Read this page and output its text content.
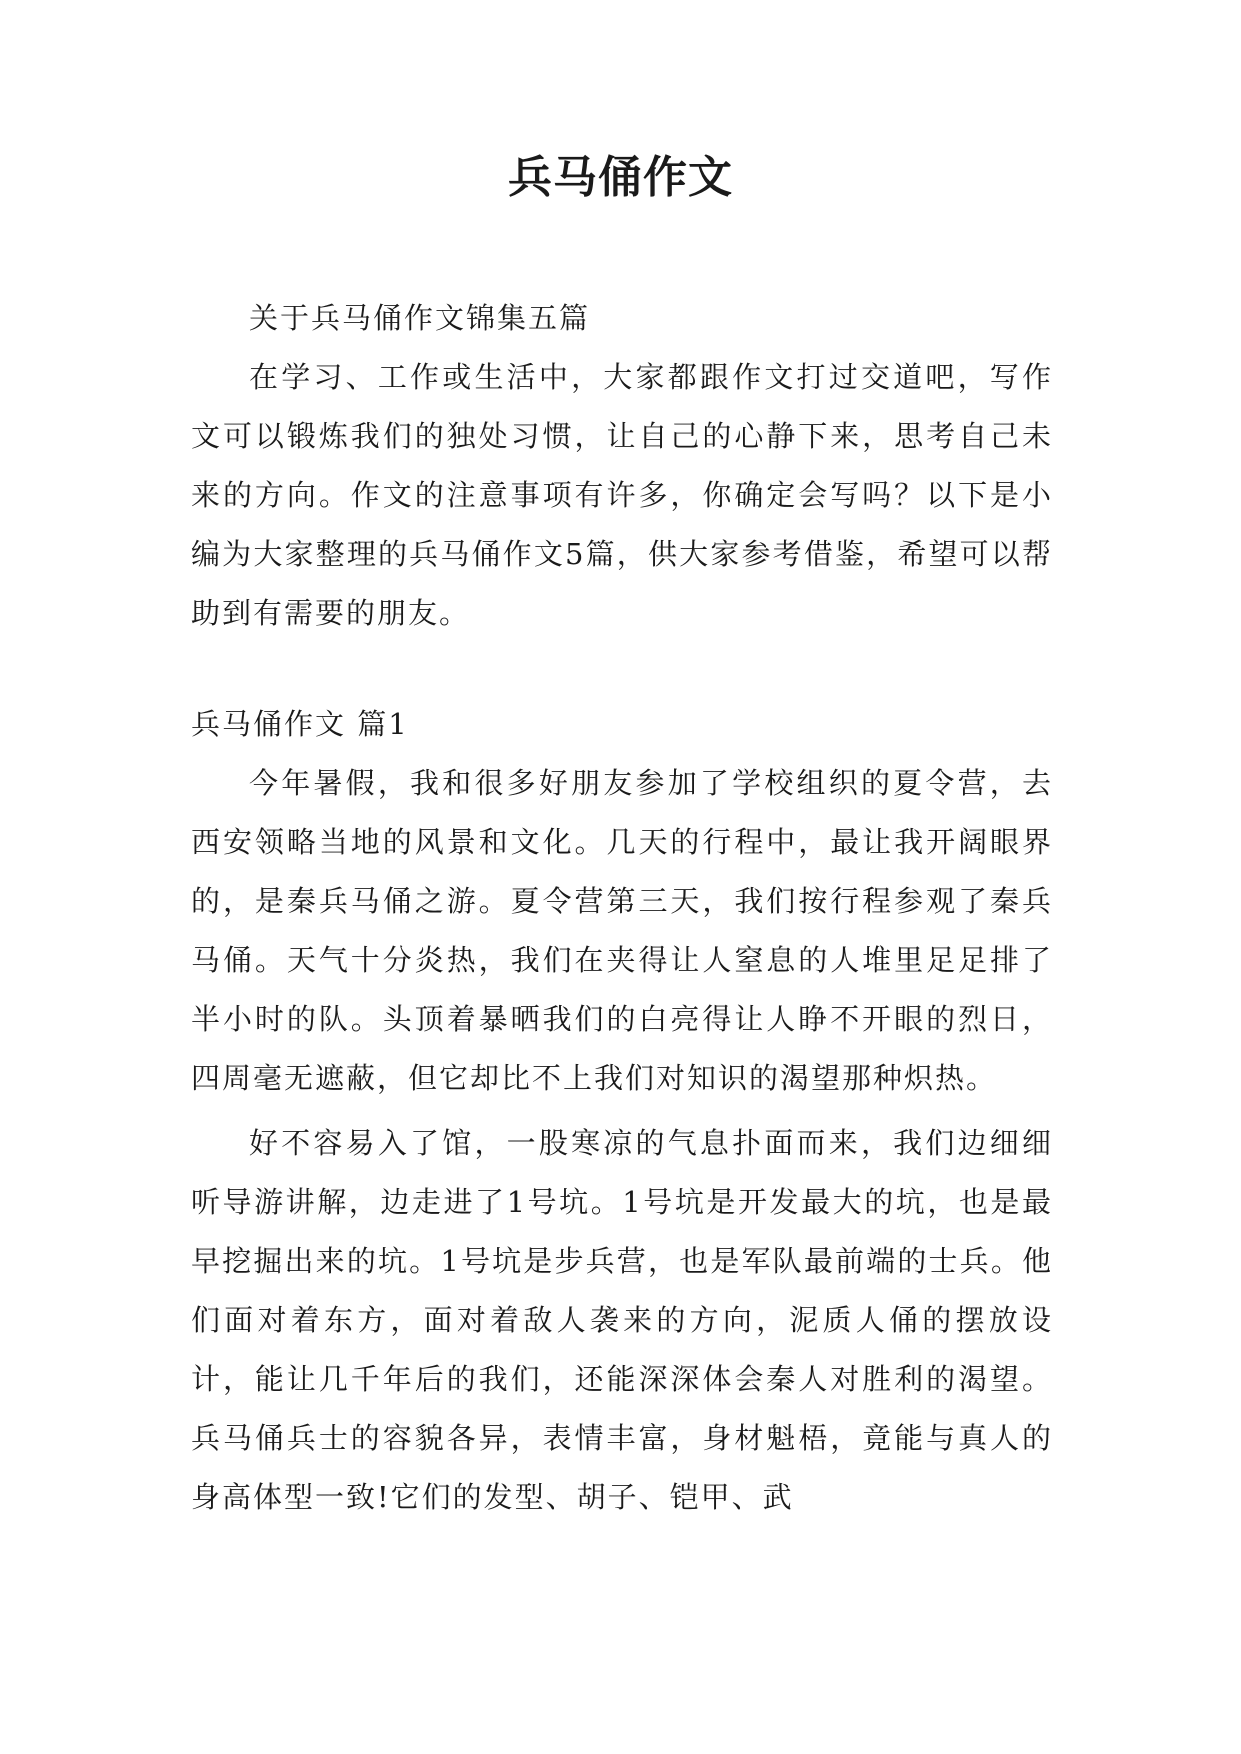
兵马俑作文

关于兵马俑作文锦集五篇

在学习、工作或生活中，大家都跟作文打过交道吧，写作文可以锻炼我们的独处习惯，让自己的心静下来，思考自己未来的方向。作文的注意事项有许多，你确定会写吗？以下是小编为大家整理的兵马俑作文5篇，供大家参考借鉴，希望可以帮助到有需要的朋友。

兵马俑作文 篇1

今年暑假，我和很多好朋友参加了学校组织的夏令营，去西安领略当地的风景和文化。几天的行程中，最让我开阔眼界的，是秦兵马俑之游。夏令营第三天，我们按行程参观了秦兵马俑。天气十分炎热，我们在夹得让人窒息的人堆里足足排了半小时的队。头顶着暴晒我们的白亮得让人睁不开眼的烈日，四周毫无遮蔽，但它却比不上我们对知识的渴望那种炽热。

好不容易入了馆，一股寒凉的气息扑面而来，我们边细细听导游讲解，边走进了1号坑。1号坑是开发最大的坑，也是最早挖掘出来的坑。1号坑是步兵营，也是军队最前端的士兵。他们面对着东方，面对着敌人袭来的方向，泥质人俑的摆放设计，能让几千年后的我们，还能深深体会秦人对胜利的渴望。兵马俑兵士的容貌各异，表情丰富，身材魁梧，竟能与真人的身高体型一致!它们的发型、胡子、铠甲、武
